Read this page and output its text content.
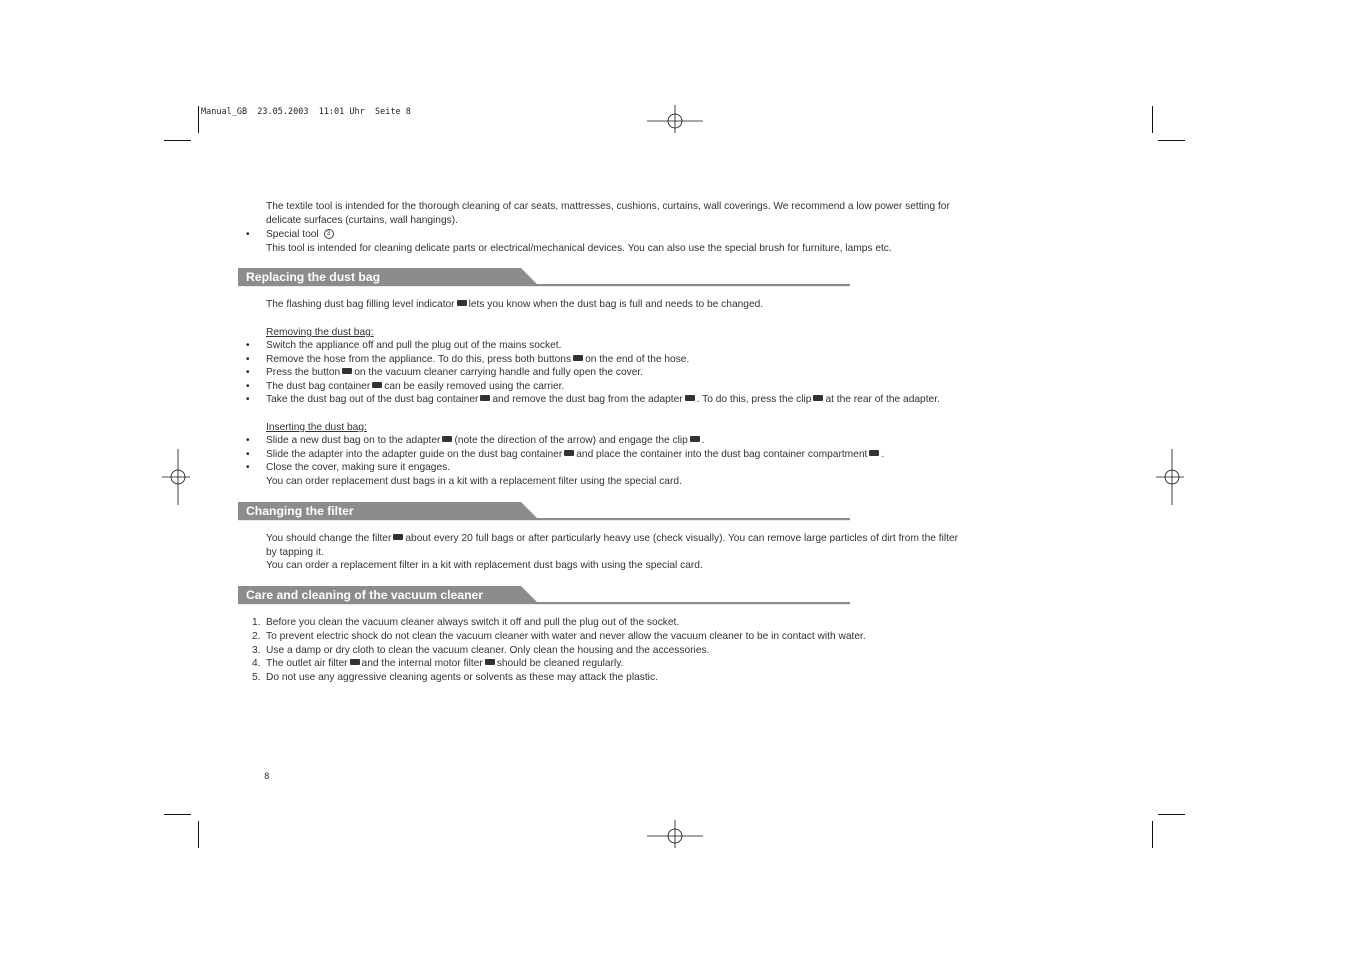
Manual_GB  23.05.2003  11:01 Uhr  Seite 8
The textile tool is intended for the thorough cleaning of car seats, mattresses, cushions, curtains, wall coverings. We recommend a low power setting for
delicate surfaces (curtains, wall hangings).
• Special tool 3
This tool is intended for cleaning delicate parts or electrical/mechanical devices. You can also use the special brush for furniture, lamps etc.
Replacing the dust bag
The flashing dust bag filling level indicator lets you know when the dust bag is full and needs to be changed.
Removing the dust bag:
• Switch the appliance off and pull the plug out of the mains socket.
• Remove the hose from the appliance. To do this, press both buttons on the end of the hose.
• Press the button on the vacuum cleaner carrying handle and fully open the cover.
• The dust bag container can be easily removed using the carrier.
• Take the dust bag out of the dust bag container and remove the dust bag from the adapter . To do this, press the clip at the rear of the adapter.
Inserting the dust bag:
• Slide a new dust bag on to the adapter (note the direction of the arrow) and engage the clip .
• Slide the adapter into the adapter guide on the dust bag container and place the container into the dust bag container compartment .
• Close the cover, making sure it engages.
You can order replacement dust bags in a kit with a replacement filter using the special card.
Changing the filter
You should change the filter about every 20 full bags or after particularly heavy use (check visually). You can remove large particles of dirt from the filter
by tapping it.
You can order a replacement filter in a kit with replacement dust bags with using the special card.
Care and cleaning of the vacuum cleaner
1. Before you clean the vacuum cleaner always switch it off and pull the plug out of the socket.
2. To prevent electric shock do not clean the vacuum cleaner with water and never allow the vacuum cleaner to be in contact with water.
3. Use a damp or dry cloth to clean the vacuum cleaner. Only clean the housing and the accessories.
4. The outlet air filter and the internal motor filter should be cleaned regularly.
5. Do not use any aggressive cleaning agents or solvents as these may attack the plastic.
8
